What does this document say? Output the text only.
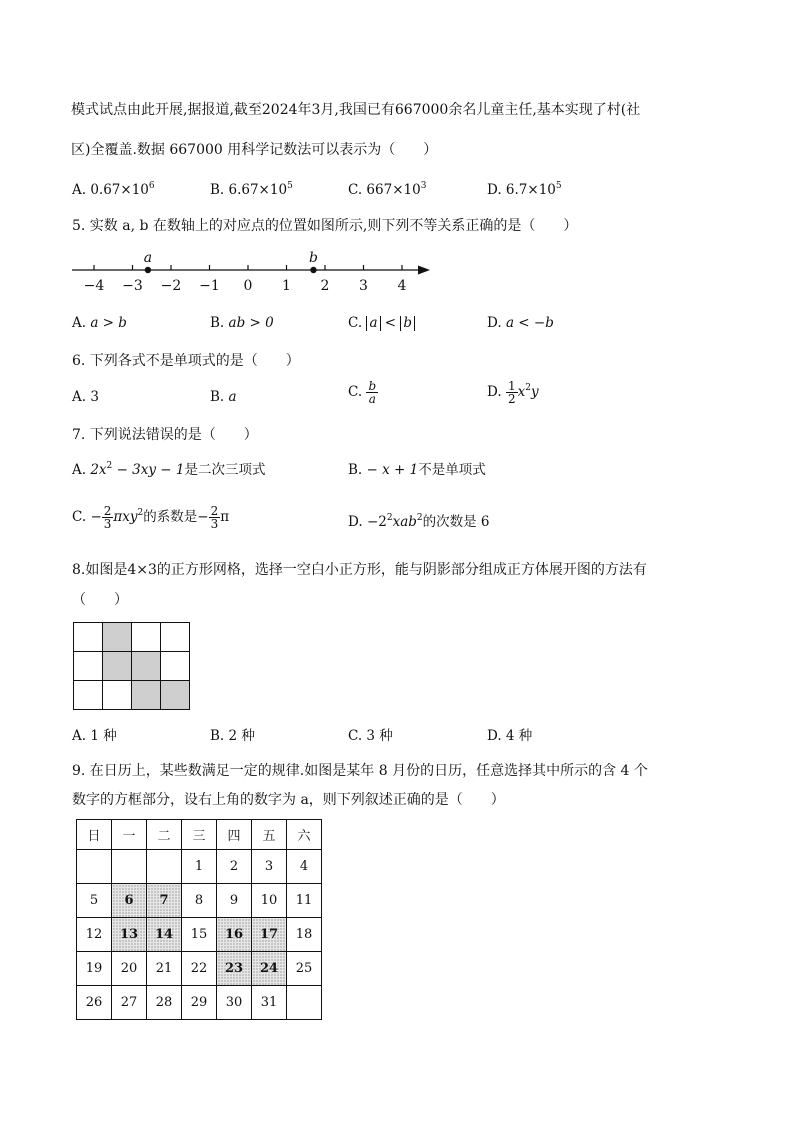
模式试点由此开展,据报道,截至2024年3月,我国已有667000余名儿童主任,基本实现了村(社
区)全覆盖.数据 667000 用科学记数法可以表示为（　　）
A. $0.67\times 10^6$	B. $6.67\times 10^5$	C. $667\times 10^3$	D. $6.7\times 10^5$
5. 实数 a, b 在数轴上的对应点的位置如图所示,则下列不等关系正确的是（　　）
−4 −3 −2 −1 0 1 2 3 4
a	b
A. a > b	B. ab > 0	C. a < b	D. a < −b
6. 下列各式不是单项式的是（　　）
A. 3	B. a	C. $\frac{b}{a}$	D. $\frac{1}{2} x^2y$
7. 下列说法错误的是（　　）
A. $2x^2 - 3xy - 1$是二次三项式	B. − x + 1不是单项式
C. − $\frac{2}{3} \pi xy^2$的系数是− $\frac{2}{3}$ π	D. $-2^2xab^2$的次数是 6
8.如图是4×3的正方形网格，选择一空白小正方形，能与阴影部分组成正方体展开图的方法有
（　　）

A. 1 种	B. 2 种	C. 3 种	D. 4 种
9. 在日历上，某些数满足一定的规律.如图是某年 8 月份的日历，任意选择其中所示的含 4 个
数字的方框部分，设右上角的数字为 a，则下列叙述正确的是（　　）
日	一	二	三	四	五	六
			1	2	3	4
5	6	7	8	9	10	11
12	13	14	15	16	17	18
19	20	21	22	23	24	25
26	27	28	29	30	31	
